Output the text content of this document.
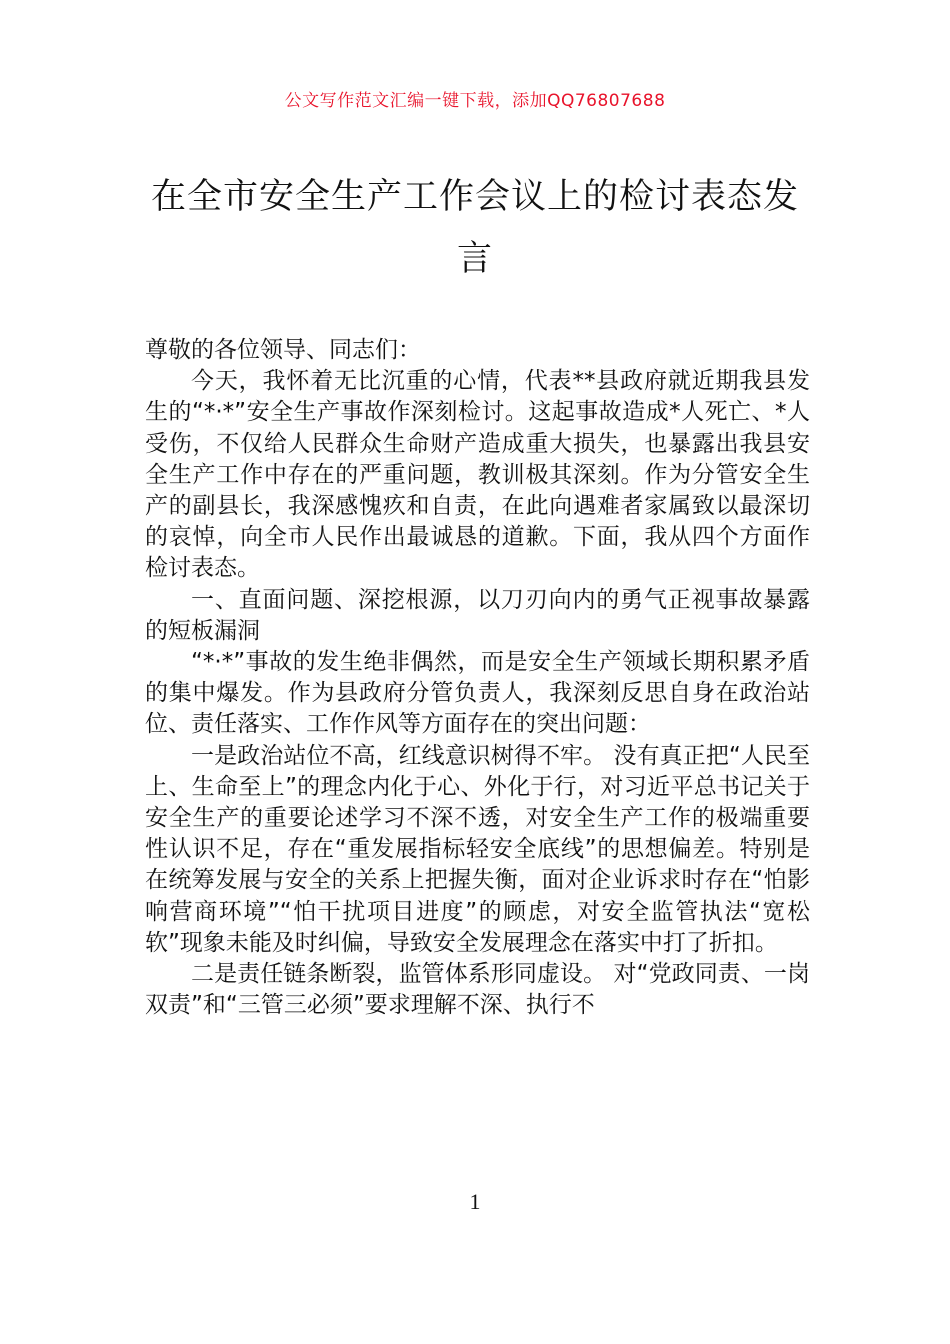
公文写作范文汇编一键下载，添加QQ76807688
在全市安全生产工作会议上的检讨表态发言

尊敬的各位领导、同志们：

今天，我怀着无比沉重的心情，代表**县政府就近期我县发生的“*·*”安全生产事故作深刻检讨。这起事故造成*人死亡、*人受伤，不仅给人民群众生命财产造成重大损失，也暴露出我县安全生产工作中存在的严重问题，教训极其深刻。作为分管安全生产的副县长，我深感愧疚和自责，在此向遇难者家属致以最深切的哀悼，向全市人民作出最诚恳的道歉。下面，我从四个方面作检讨表态。

一、直面问题、深挖根源，以刀刃向内的勇气正视事故暴露的短板漏洞

“*·*”事故的发生绝非偶然，而是安全生产领域长期积累矛盾的集中爆发。作为县政府分管负责人，我深刻反思自身在政治站位、责任落实、工作作风等方面存在的突出问题：

一是政治站位不高，红线意识树得不牢。 没有真正把“人民至上、生命至上”的理念内化于心、外化于行，对习近平总书记关于安全生产的重要论述学习不深不透，对安全生产工作的极端重要性认识不足，存在“重发展指标轻安全底线”的思想偏差。特别是在统筹发展与安全的关系上把握失衡，面对企业诉求时存在“怕影响营商环境”“怕干扰项目进度”的顾虑，对安全监管执法“宽松软”现象未能及时纠偏，导致安全发展理念在落实中打了折扣。

二是责任链条断裂，监管体系形同虚设。 对“党政同责、一岗双责”和“三管三必须”要求理解不深、执行不

1
